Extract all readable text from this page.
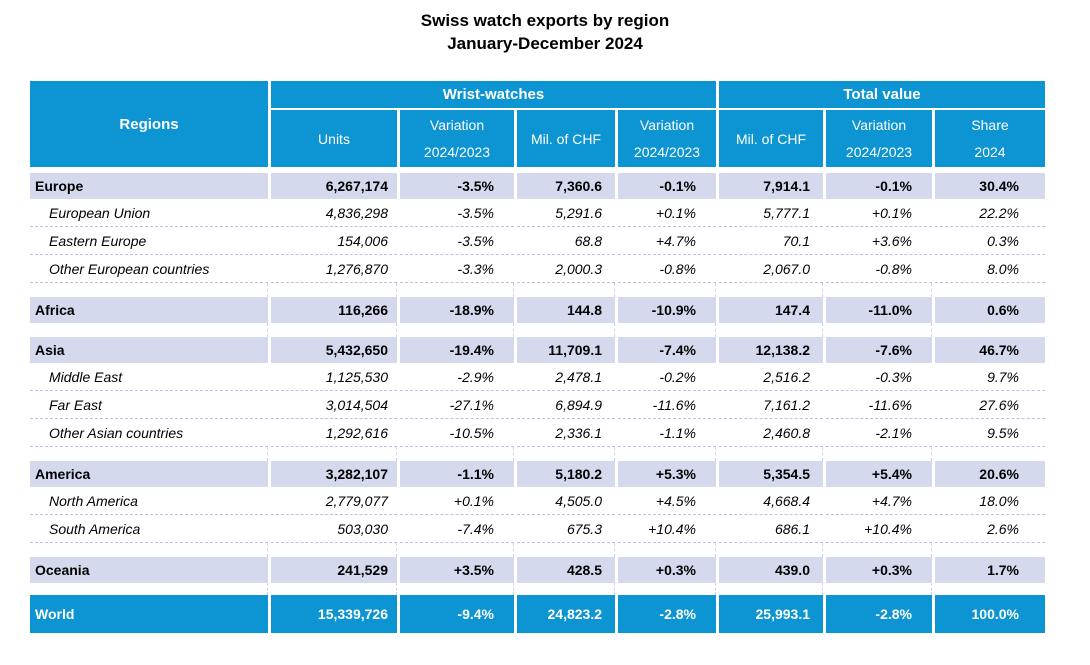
Swiss watch exports by region
January-December 2024
Regions
Wrist-watches	Total value
Units
Variation
2024/2023
Mil. of CHF
Variation
2024/2023
Mil. of CHF
Variation
2024/2023
Share
2024
Europe	6,267,174	-3.5%	7,360.6	-0.1%	7,914.1	-0.1%	30.4%
European Union	4,836,298	-3.5%	5,291.6	+0.1%	5,777.1	+0.1%	22.2%
Eastern Europe	154,006	-3.5%	68.8	+4.7%	70.1	+3.6%	0.3%
Other European countries	1,276,870	-3.3%	2,000.3	-0.8%	2,067.0	-0.8%	8.0%
Africa	116,266	-18.9%	144.8	-10.9%	147.4	-11.0%	0.6%
Asia	5,432,650	-19.4%	11,709.1	-7.4%	12,138.2	-7.6%	46.7%
Middle East	1,125,530	-2.9%	2,478.1	-0.2%	2,516.2	-0.3%	9.7%
Far East	3,014,504	-27.1%	6,894.9	-11.6%	7,161.2	-11.6%	27.6%
Other Asian countries	1,292,616	-10.5%	2,336.1	-1.1%	2,460.8	-2.1%	9.5%
America	3,282,107	-1.1%	5,180.2	+5.3%	5,354.5	+5.4%	20.6%
North America	2,779,077	+0.1%	4,505.0	+4.5%	4,668.4	+4.7%	18.0%
South America	503,030	-7.4%	675.3	+10.4%	686.1	+10.4%	2.6%
Oceania	241,529	+3.5%	428.5	+0.3%	439.0	+0.3%	1.7%
World	15,339,726	-9.4%	24,823.2	-2.8%	25,993.1	-2.8%	100.0%
